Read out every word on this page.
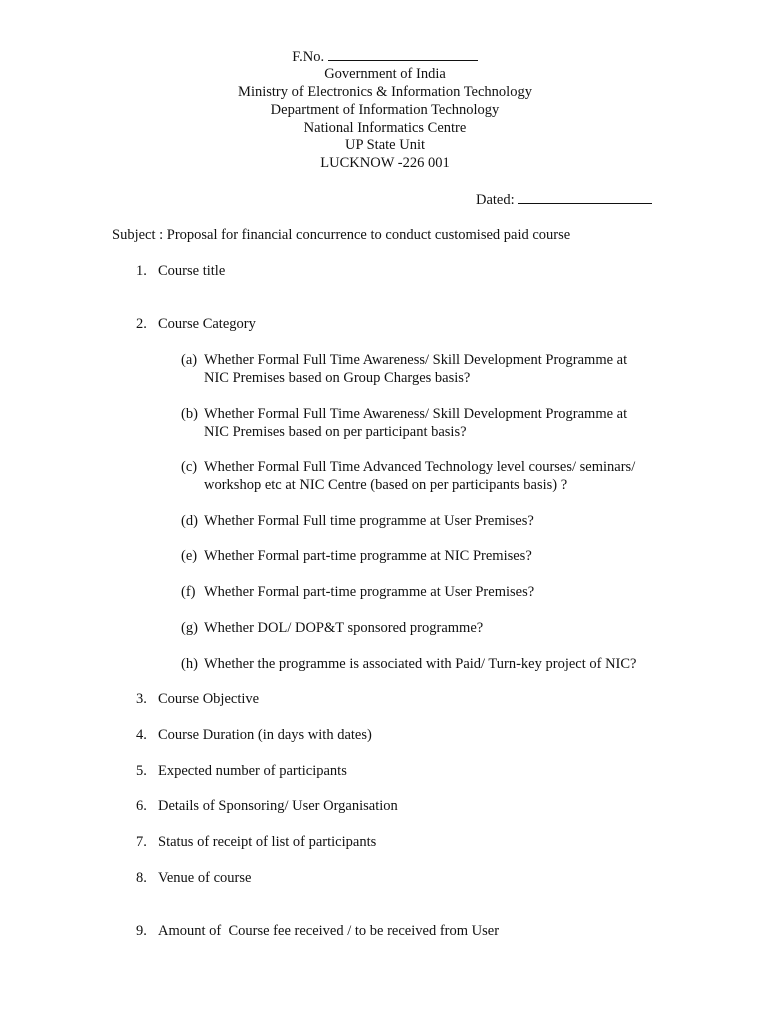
F.No.
Government of India
Ministry of Electronics & Information Technology
Department of Information Technology
National Informatics Centre
UP State Unit
LUCKNOW -226 001
Dated:
Subject : Proposal for financial concurrence to conduct customised paid course
1. Course title
2. Course Category
(a) Whether Formal Full Time Awareness/ Skill Development Programme at
NIC Premises based on Group Charges basis?
(b) Whether Formal Full Time Awareness/ Skill Development Programme at
NIC Premises based on per participant basis?
(c) Whether Formal Full Time Advanced Technology level courses/ seminars/
workshop etc at NIC Centre (based on per participants basis) ?
(d) Whether Formal Full time programme at User Premises?
(e) Whether Formal part-time programme at NIC Premises?
(f) Whether Formal part-time programme at User Premises?
(g) Whether DOL/ DOP&T sponsored programme?
(h) Whether the programme is associated with Paid/ Turn-key project of NIC?
3. Course Objective
4. Course Duration (in days with dates)
5. Expected number of participants
6. Details of Sponsoring/ User Organisation
7. Status of receipt of list of participants
8. Venue of course
9. Amount of  Course fee received / to be received from User
